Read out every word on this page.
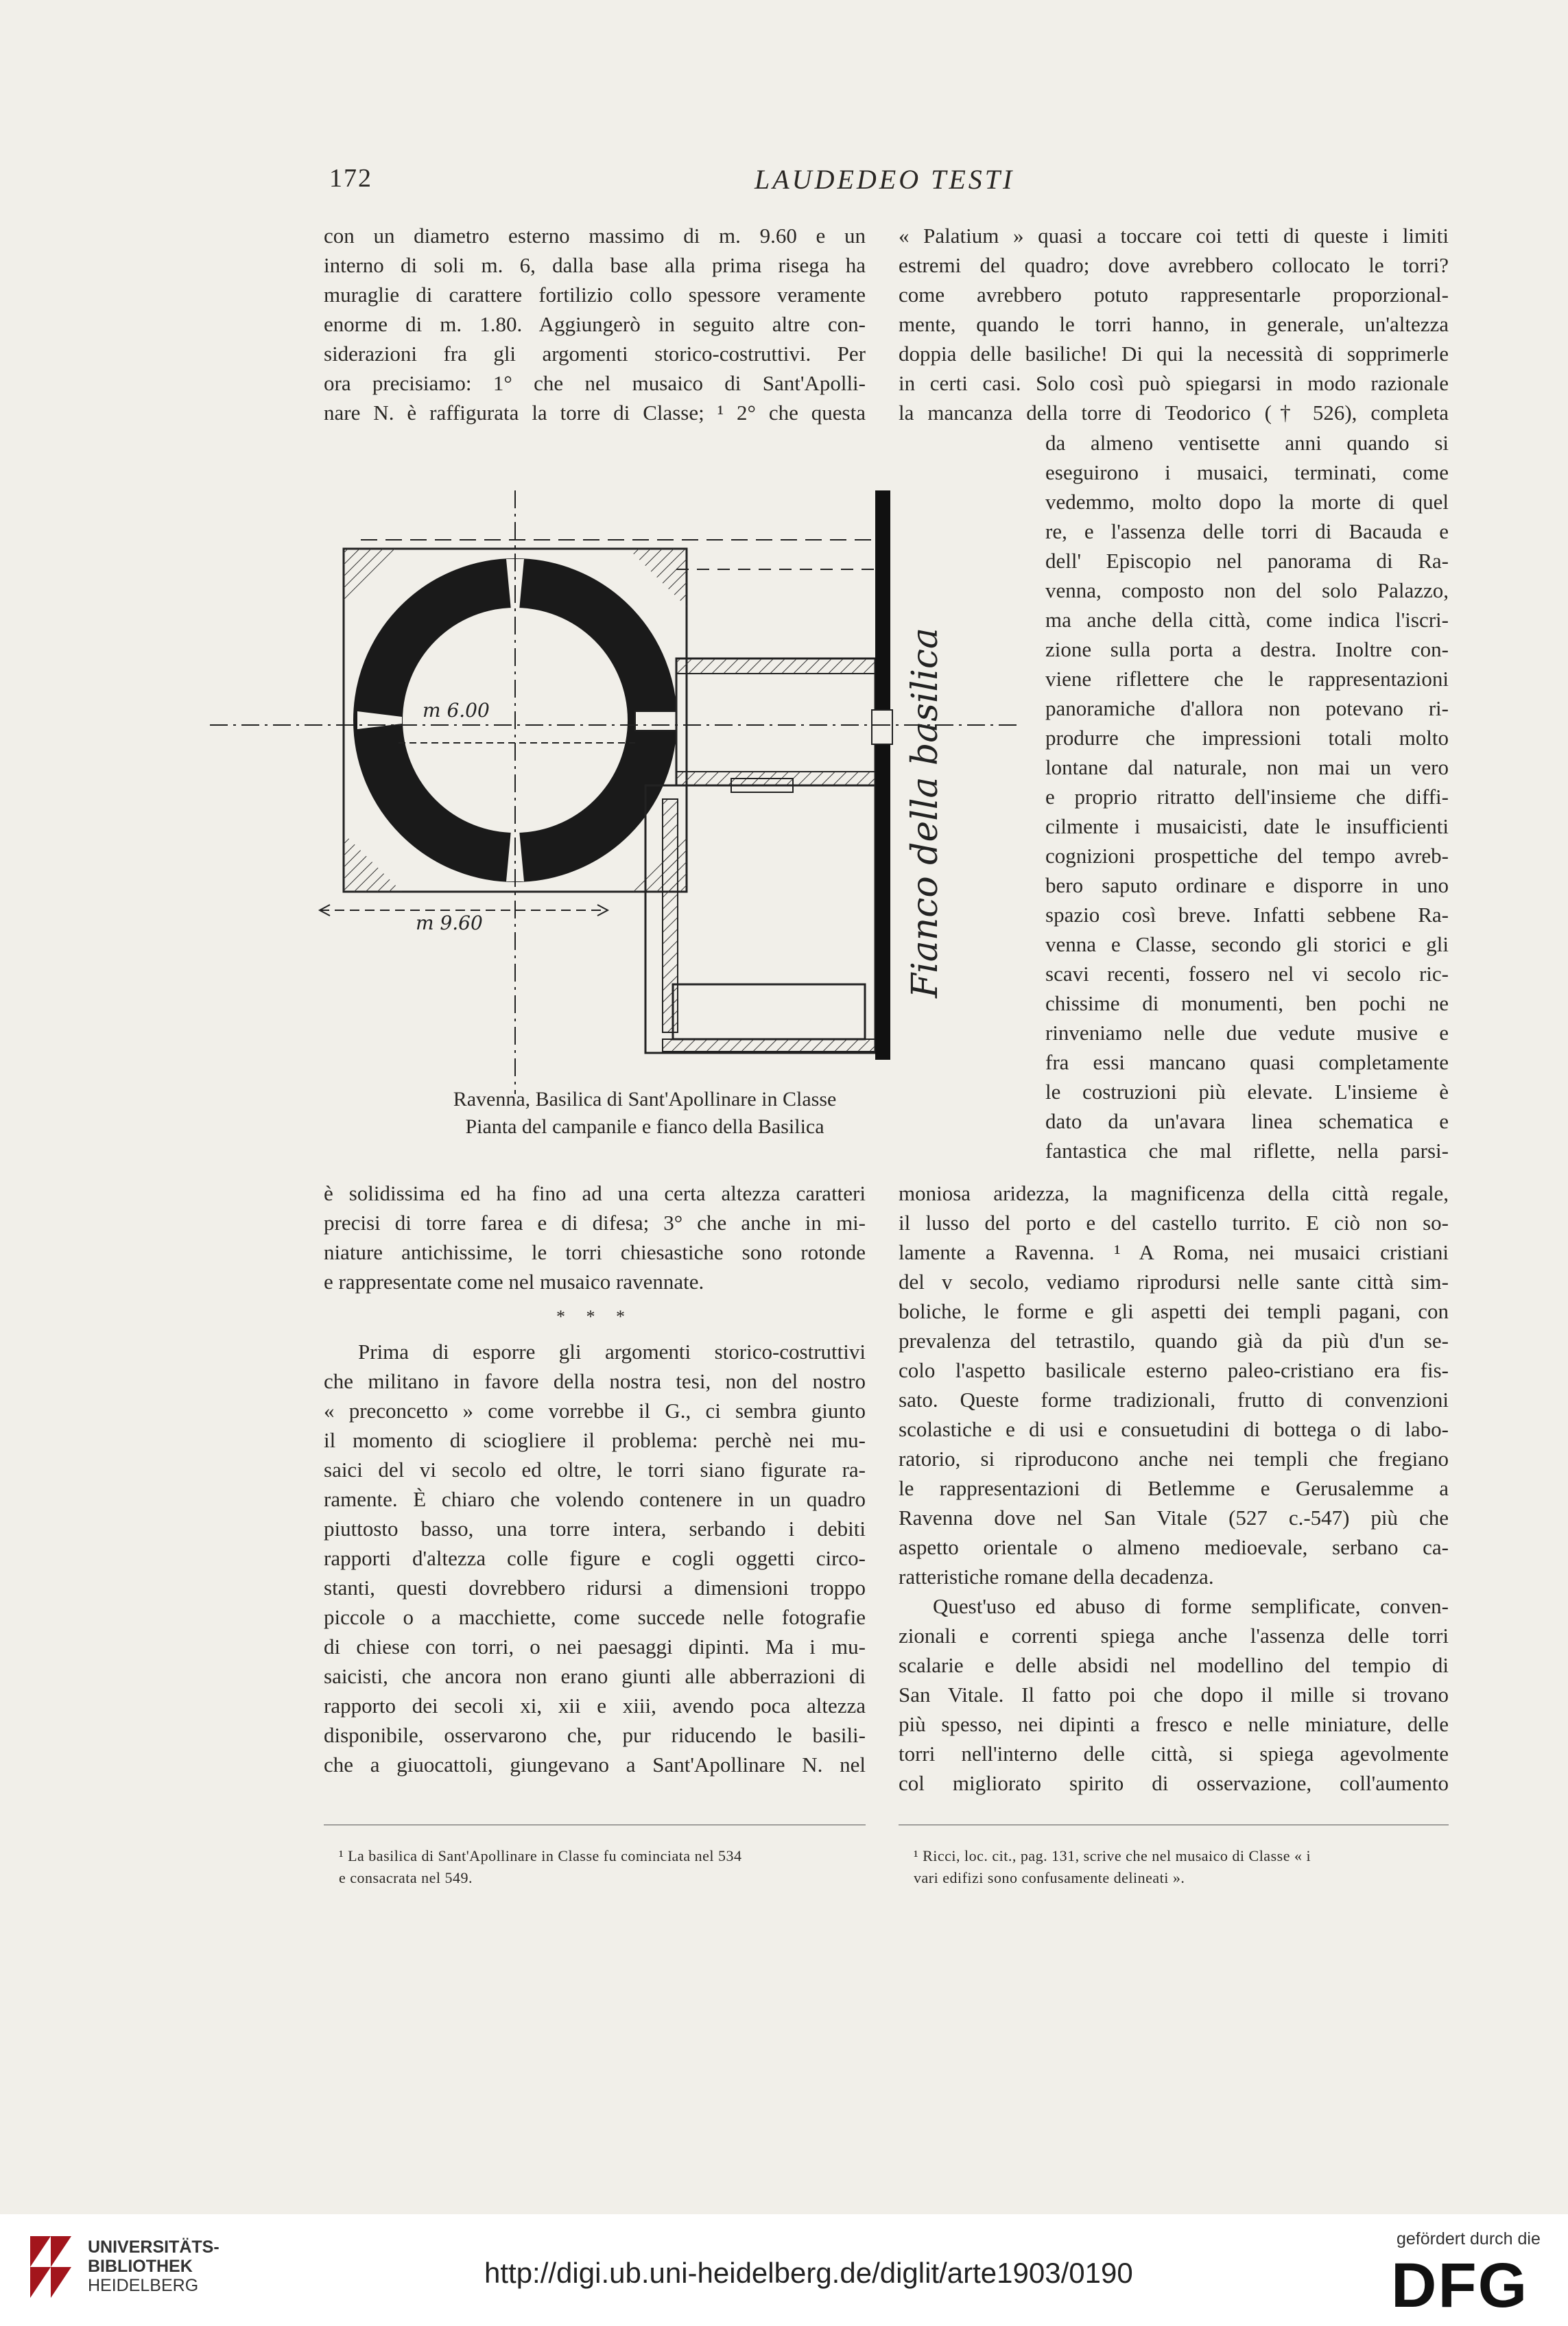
172	LAUDEDEO TESTI
con un diametro esterno massimo di m. 9.60 e un
interno di soli m. 6, dalla base alla prima risega ha
muraglie di carattere fortilizio collo spessore veramente
enorme di m. 1.80. Aggiungerò in seguito altre con-
siderazioni fra gli argomenti storico-costruttivi. Per
ora precisiamo: 1° che nel musaico di Sant'Apolli-
nare N. è raffigurata la torre di Classe; ¹ 2° che questa
« Palatium » quasi a toccare coi tetti di queste i limiti
estremi del quadro; dove avrebbero collocato le torri?
come avrebbero potuto rappresentarle proporzional-
mente, quando le torri hanno, in generale, un'altezza
doppia delle basiliche! Di qui la necessità di sopprimerle
in certi casi. Solo così può spiegarsi in modo razionale
la mancanza della torre di Teodorico († 526), completa
da almeno ventisette anni quando si
eseguirono i musaici, terminati, come
vedemmo, molto dopo la morte di quel
re, e l'assenza delle torri di Bacauda e
dell' Episcopio nel panorama di Ra-
venna, composto non del solo Palazzo,
ma anche della città, come indica l'iscri-
zione sulla porta a destra. Inoltre con-
viene riflettere che le rappresentazioni
panoramiche d'allora non potevano ri-
produrre che impressioni totali molto
lontane dal naturale, non mai un vero
e proprio ritratto dell'insieme che diffi-
cilmente i musaicisti, date le insufficienti
cognizioni prospettiche del tempo avreb-
bero saputo ordinare e disporre in uno
spazio così breve. Infatti sebbene Ra-
venna e Classe, secondo gli storici e gli
scavi recenti, fossero nel vi secolo ric-
chissime di monumenti, ben pochi ne
rinveniamo nelle due vedute musive e
fra essi mancano quasi completamente
le costruzioni più elevate. L'insieme è
dato da un'avara linea schematica e
fantastica che mal riflette, nella parsi-
m 6.00
m 9.60	Fianco della basilica
Ravenna, Basilica di Sant'Apollinare in Classe
Pianta del campanile e fianco della Basilica
è solidissima ed ha fino ad una certa altezza caratteri
precisi di torre farea e di difesa; 3° che anche in mi-
niature antichissime, le torri chiesastiche sono rotonde
e rappresentate come nel musaico ravennate.
* * *
Prima di esporre gli argomenti storico-costruttivi
che militano in favore della nostra tesi, non del nostro
« preconcetto » come vorrebbe il G., ci sembra giunto
il momento di sciogliere il problema: perchè nei mu-
saici del vi secolo ed oltre, le torri siano figurate ra-
ramente. È chiaro che volendo contenere in un quadro
piuttosto basso, una torre intera, serbando i debiti
rapporti d'altezza colle figure e cogli oggetti circo-
stanti, questi dovrebbero ridursi a dimensioni troppo
piccole o a macchiette, come succede nelle fotografie
di chiese con torri, o nei paesaggi dipinti. Ma i mu-
saicisti, che ancora non erano giunti alle abberrazioni di
rapporto dei secoli xi, xii e xiii, avendo poca altezza
disponibile, osservarono che, pur riducendo le basili-
che a giuocattoli, giungevano a Sant'Apollinare N. nel
moniosa aridezza, la magnificenza della città regale,
il lusso del porto e del castello turrito. E ciò non so-
lamente a Ravenna. ¹ A Roma, nei musaici cristiani
del v secolo, vediamo riprodursi nelle sante città sim-
boliche, le forme e gli aspetti dei templi pagani, con
prevalenza del tetrastilo, quando già da più d'un se-
colo l'aspetto basilicale esterno paleo-cristiano era fis-
sato. Queste forme tradizionali, frutto di convenzioni
scolastiche e di usi e consuetudini di bottega o di labo-
ratorio, si riproducono anche nei templi che fregiano
le rappresentazioni di Betlemme e Gerusalemme a
Ravenna dove nel San Vitale (527 c.-547) più che
aspetto orientale o almeno medioevale, serbano ca-
ratteristiche romane della decadenza.
Quest'uso ed abuso di forme semplificate, conven-
zionali e correnti spiega anche l'assenza delle torri
scalarie e delle absidi nel modellino del tempio di
San Vitale. Il fatto poi che dopo il mille si trovano
più spesso, nei dipinti a fresco e nelle miniature, delle
torri nell'interno delle città, si spiega agevolmente
col migliorato spirito di osservazione, coll'aumento
¹ La basilica di Sant'Apollinare in Classe fu cominciata nel 534
e consacrata nel 549.
¹ Ricci, loc. cit., pag. 131, scrive che nel musaico di Classe « i
vari edifizi sono confusamente delineati ».
UNIVERSITÄTS-
BIBLIOTHEK
HEIDELBERG	http://digi.ub.uni-heidelberg.de/diglit/arte1903/0190
gefördert durch die
DFG
